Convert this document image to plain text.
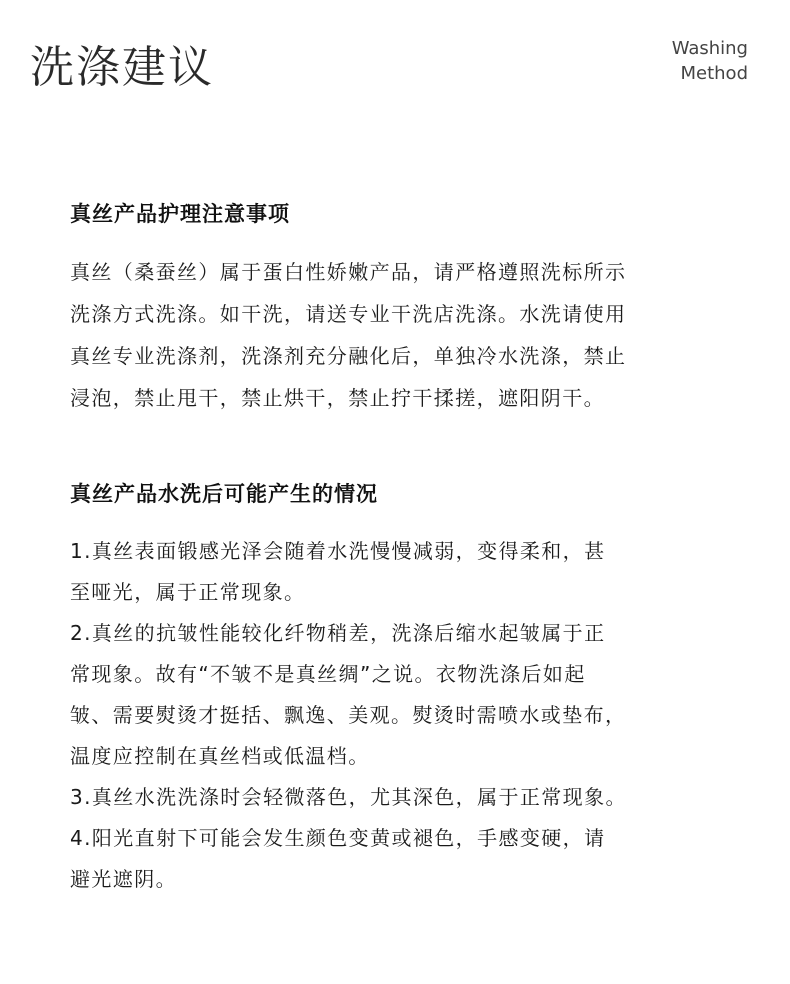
洗涤建议	Washing
Method
真丝产品护理注意事项
真丝（桑蚕丝）属于蛋白性娇嫩产品，请严格遵照洗标所示
洗涤方式洗涤。如干洗，请送专业干洗店洗涤。水洗请使用
真丝专业洗涤剂，洗涤剂充分融化后，单独冷水洗涤，禁止
浸泡，禁止甩干，禁止烘干，禁止拧干揉搓，遮阳阴干。
真丝产品水洗后可能产生的情况
1.真丝表面锻感光泽会随着水洗慢慢减弱，变得柔和，甚
至哑光，属于正常现象。
2.真丝的抗皱性能较化纤物稍差，洗涤后缩水起皱属于正
常现象。故有“不皱不是真丝绸”之说。衣物洗涤后如起
皱、需要熨烫才挺括、飘逸、美观。熨烫时需喷水或垫布，
温度应控制在真丝档或低温档。
3.真丝水洗洗涤时会轻微落色，尤其深色，属于正常现象。
4.阳光直射下可能会发生颜色变黄或褪色，手感变硬，请
避光遮阴。
